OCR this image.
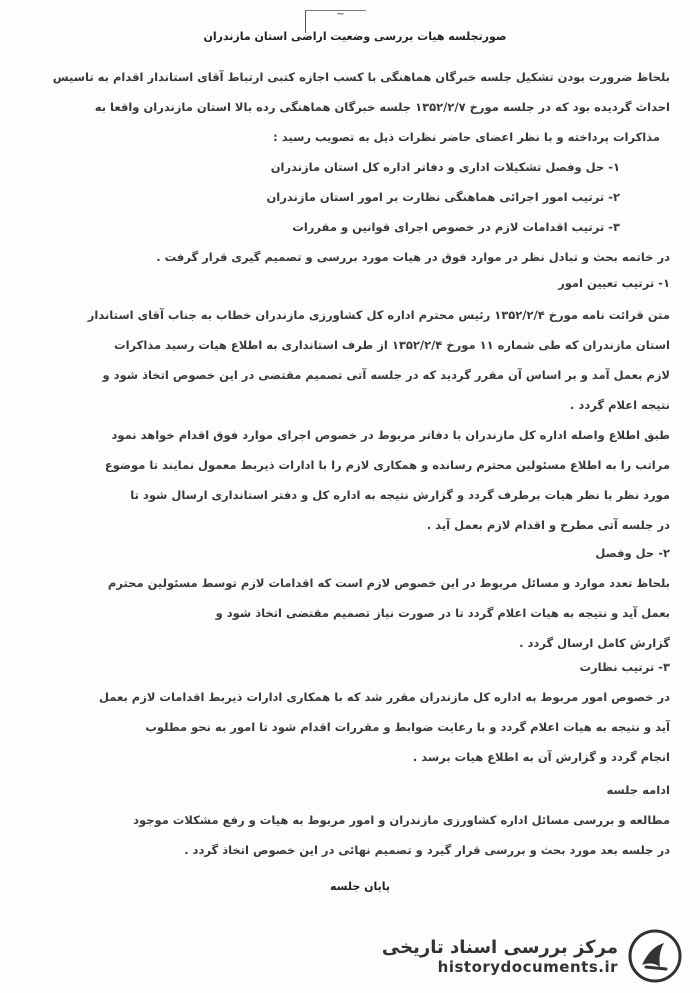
~
صورتجلسه هیات بررسی وضعیت اراضی استان مازندران

بلحاظ ضرورت بودن تشکیل جلسه خبرگان هماهنگی با کسب اجازه کتبی ارتباط آقای استاندار اقدام به تاسیس

احداث گردیده بود که در جلسه مورخ ۱۳۵۲/۲/۷ جلسه خبرگان هماهنگی رده بالا استان مازندران واقعا به

مذاکرات پرداخته و با نظر اعضای حاضر نظرات ذیل به تصویب رسید :

۱- حل وفصل تشکیلات اداری و دفاتر اداره کل استان مازندران

۲- ترتیب امور اجرائی هماهنگی نظارت بر امور استان مازندران

۳- ترتیب اقدامات لازم در خصوص اجرای قوانین و مقررات

در خاتمه بحث و تبادل نظر در موارد فوق در هیات مورد بررسی و تصمیم گیری قرار گرفت .

۱- ترتیب تعیین امور

متن قرائت نامه مورخ ۱۳۵۲/۲/۴ رئیس محترم اداره کل کشاورزی مازندران خطاب به جناب آقای استاندار

استان مازندران که طی شماره ۱۱ مورخ ۱۳۵۲/۲/۴ از طرف استانداری به اطلاع هیات رسید مذاکرات

لازم بعمل آمد و بر اساس آن مقرر گردید که در جلسه آتی تصمیم مقتضی در این خصوص اتخاذ شود و

نتیجه اعلام گردد .

طبق اطلاع واصله اداره کل مازندران با دفاتر مربوط در خصوص اجرای موارد فوق اقدام خواهد نمود

مراتب را به اطلاع مسئولین محترم رسانده و همکاری لازم را با ادارات ذیربط معمول نمایند تا موضوع

مورد نظر با نظر هیات برطرف گردد و گزارش نتیجه به اداره کل و دفتر استانداری ارسال شود تا

در جلسه آتی مطرح و اقدام لازم بعمل آید .

۲- حل وفصل

بلحاظ تعدد موارد و مسائل مربوط در این خصوص لازم است که اقدامات لازم توسط مسئولین محترم

بعمل آید و نتیجه به هیات اعلام گردد تا در صورت نیاز تصمیم مقتضی اتخاذ شود و

گزارش کامل ارسال گردد .

۳- ترتیب نظارت

در خصوص امور مربوط به اداره کل مازندران مقرر شد که با همکاری ادارات ذیربط اقدامات لازم بعمل

آید و نتیجه به هیات اعلام گردد و با رعایت ضوابط و مقررات اقدام شود تا امور به نحو مطلوب

انجام گردد و گزارش آن به اطلاع هیات برسد .

ادامه جلسه

مطالعه و بررسی مسائل اداره کشاورزی مازندران و امور مربوط به هیات و رفع مشکلات موجود

در جلسه بعد مورد بحث و بررسی قرار گیرد و تصمیم نهائی در این خصوص اتخاذ گردد .

پایان جلسه
مرکز بررسی اسناد تاریخی
historydocuments.ir
